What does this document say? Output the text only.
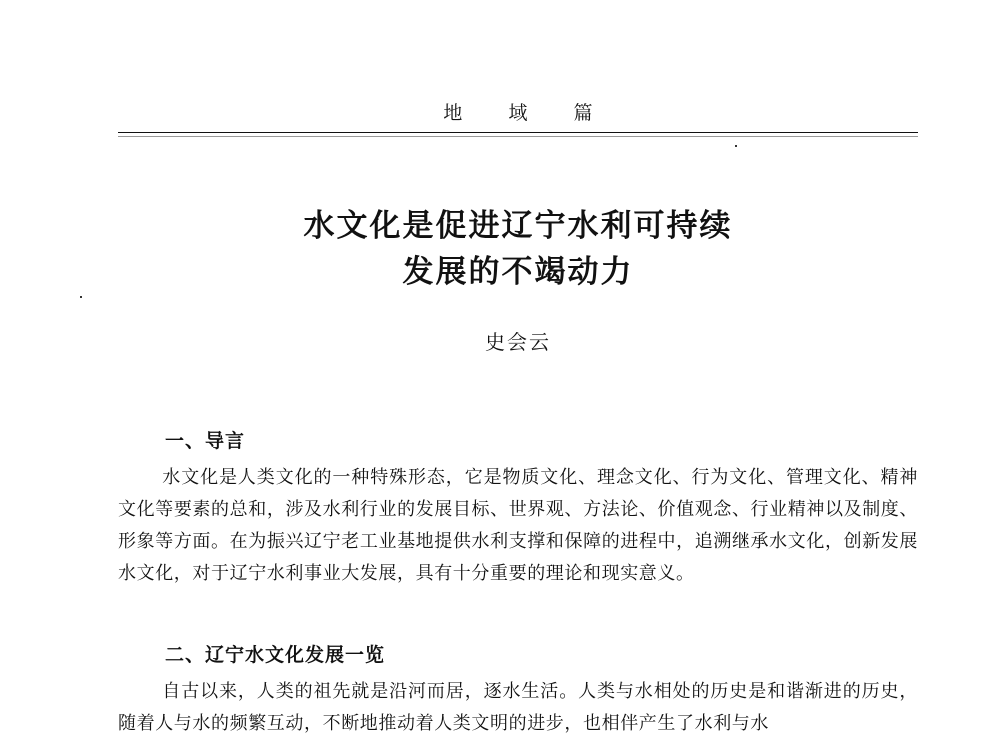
地 域 篇
水文化是促进辽宁水利可持续
发展的不竭动力
史会云
一、导言
水文化是人类文化的一种特殊形态，它是物质文化、理念文化、行为文化、管理文化、精神文化等要素的总和，涉及水利行业的发展目标、世界观、方法论、价值观念、行业精神以及制度、形象等方面。在为振兴辽宁老工业基地提供水利支撑和保障的进程中，追溯继承水文化，创新发展水文化，对于辽宁水利事业大发展，具有十分重要的理论和现实意义。
二、辽宁水文化发展一览
自古以来，人类的祖先就是沿河而居，逐水生活。人类与水相处的历史是和谐渐进的历史，随着人与水的频繁互动，不断地推动着人类文明的进步，也相伴产生了水利与水
